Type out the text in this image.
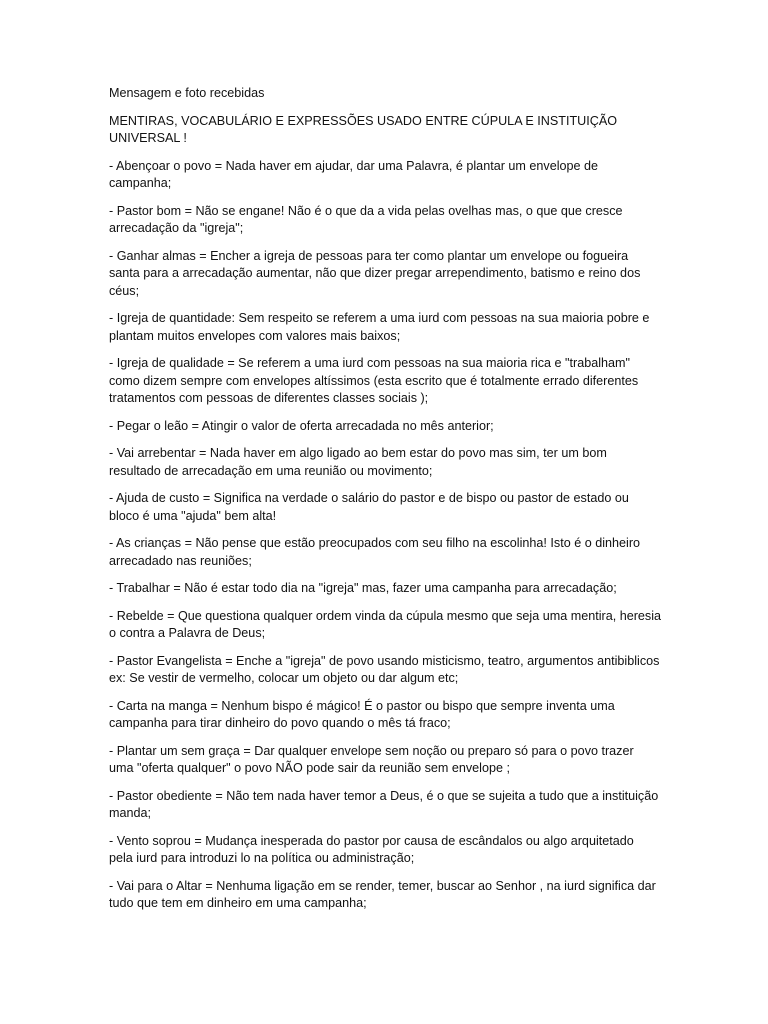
Mensagem e foto recebidas

MENTIRAS, VOCABULÁRIO E EXPRESSÕES USADO ENTRE CÚPULA E INSTITUIÇÃO UNIVERSAL !

- Abençoar o povo = Nada haver em ajudar, dar uma Palavra, é plantar um envelope de campanha;

- Pastor bom = Não se engane! Não é o que da a vida pelas ovelhas mas, o que que cresce arrecadação da "igreja";

- Ganhar almas = Encher a igreja de pessoas para ter como plantar um envelope ou fogueira santa para a arrecadação aumentar, não que dizer pregar arrependimento, batismo e reino dos céus;

- Igreja de quantidade: Sem respeito se referem a uma iurd com pessoas na sua maioria pobre e plantam muitos envelopes com valores mais baixos;

- Igreja de qualidade = Se referem a uma iurd com pessoas na sua maioria rica e "trabalham" como dizem sempre com envelopes altíssimos (esta escrito que é totalmente errado diferentes tratamentos com pessoas de diferentes classes sociais );

- Pegar o leão = Atingir o valor de oferta arrecadada no mês anterior;

- Vai arrebentar = Nada haver em algo ligado ao bem estar do povo mas sim, ter um bom resultado de arrecadação em uma reunião ou movimento;

- Ajuda de custo = Significa na verdade o salário do pastor e de bispo ou pastor de estado ou bloco é uma "ajuda" bem alta!

- As crianças = Não pense que estão preocupados com seu filho na escolinha! Isto é o dinheiro arrecadado nas reuniões;

- Trabalhar = Não é estar todo dia na "igreja" mas, fazer uma campanha para arrecadação;

- Rebelde = Que questiona qualquer ordem vinda da cúpula mesmo que seja uma mentira, heresia o contra a Palavra de Deus;

- Pastor Evangelista = Enche a "igreja" de povo usando misticismo, teatro, argumentos antibiblicos ex: Se vestir de vermelho, colocar um objeto ou dar algum etc;

- Carta na manga = Nenhum bispo é mágico! É o pastor ou bispo que sempre inventa uma campanha para tirar dinheiro do povo quando o mês tá fraco;

- Plantar um sem graça = Dar qualquer envelope sem noção ou preparo só para o povo trazer uma "oferta qualquer" o povo NÃO pode sair da reunião sem envelope ;

- Pastor obediente = Não tem nada haver temor a Deus, é o que se sujeita a tudo que a instituição manda;

- Vento soprou = Mudança inesperada do pastor por causa de escândalos ou algo arquitetado pela iurd para introduzi lo na política ou administração;

- Vai para o Altar = Nenhuma ligação em se render, temer, buscar ao Senhor , na iurd significa dar tudo que tem em dinheiro em uma campanha;
